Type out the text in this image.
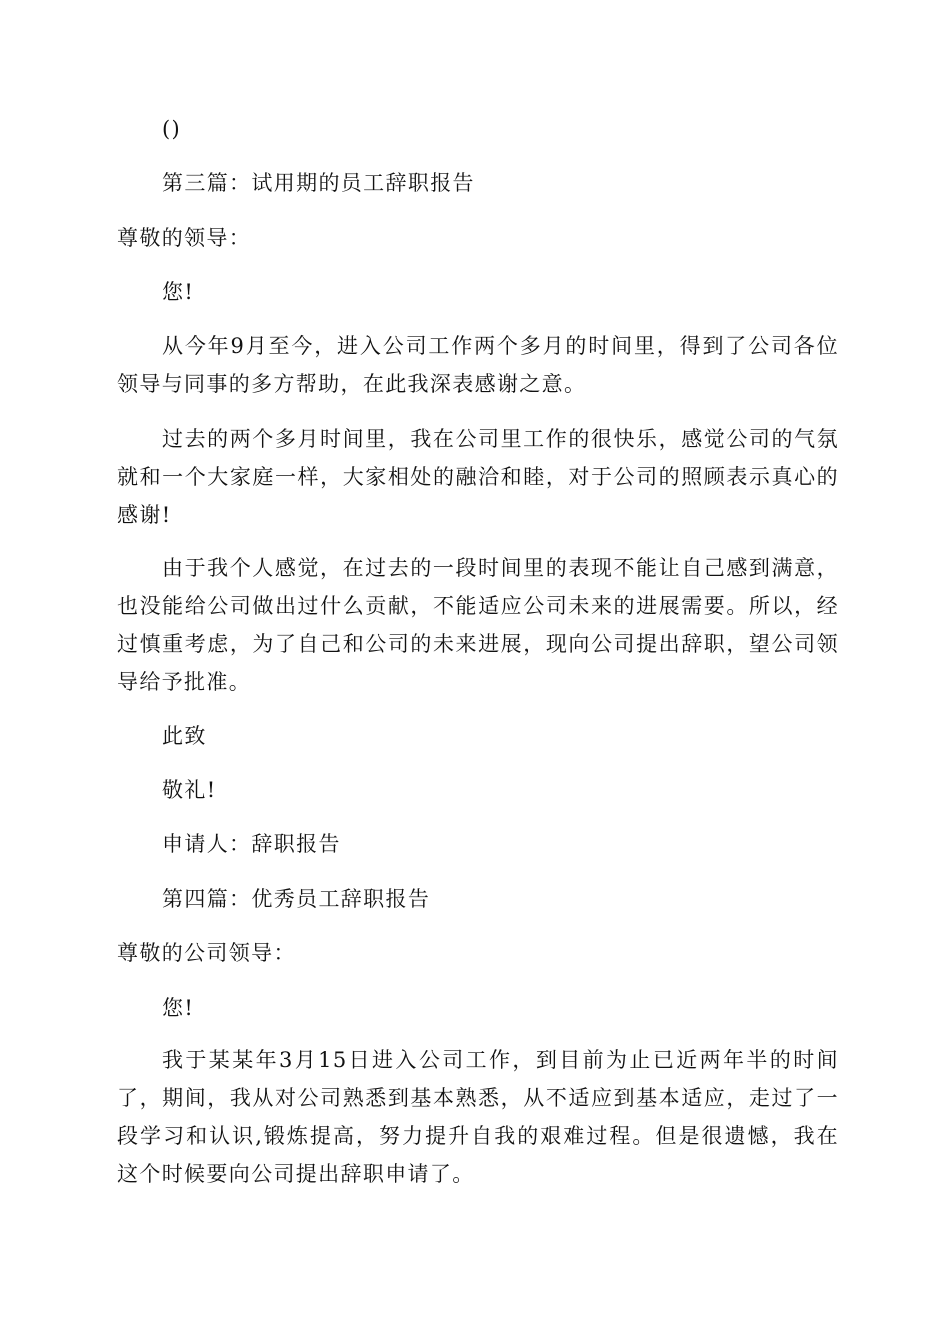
()
第三篇：试用期的员工辞职报告
尊敬的领导：
您!
从今年9月至今，进入公司工作两个多月的时间里，得到了公司各位领导与同事的多方帮助，在此我深表感谢之意。
过去的两个多月时间里，我在公司里工作的很快乐，感觉公司的气氛就和一个大家庭一样，大家相处的融洽和睦，对于公司的照顾表示真心的感谢!
由于我个人感觉，在过去的一段时间里的表现不能让自己感到满意，也没能给公司做出过什么贡献，不能适应公司未来的进展需要。所以，经过慎重考虑，为了自己和公司的未来进展，现向公司提出辞职，望公司领导给予批准。
此致
敬礼!
申请人：辞职报告
第四篇：优秀员工辞职报告
尊敬的公司领导：
您!
我于某某年3月15日进入公司工作，到目前为止已近两年半的时间了，期间，我从对公司熟悉到基本熟悉，从不适应到基本适应，走过了一段学习和认识,锻炼提高，努力提升自我的艰难过程。但是很遗憾，我在这个时候要向公司提出辞职申请了。
